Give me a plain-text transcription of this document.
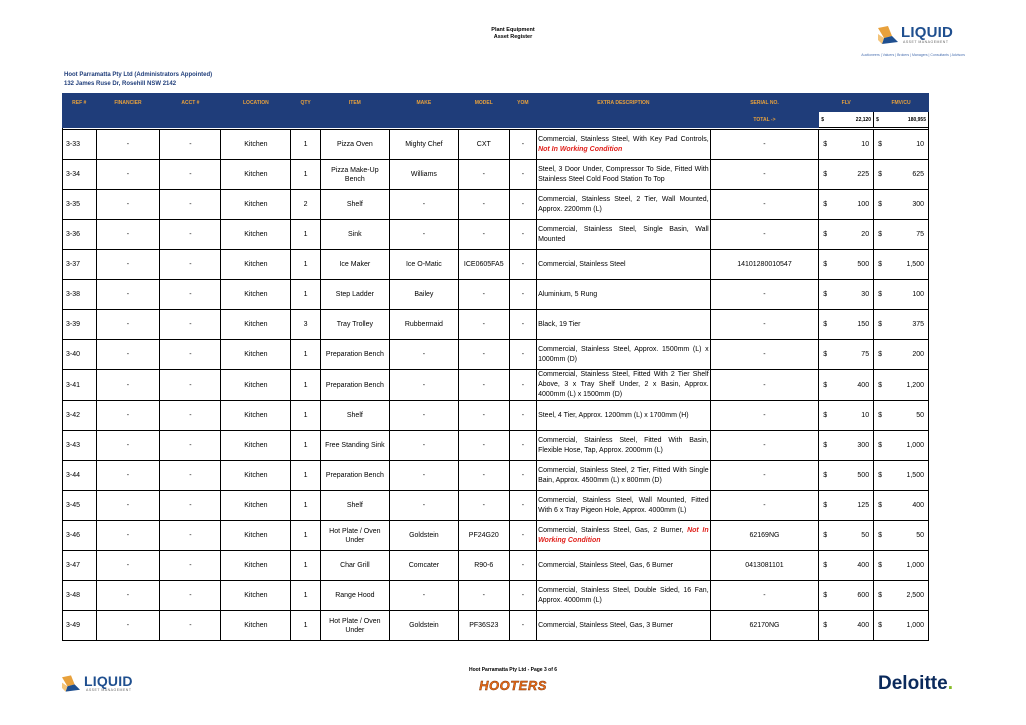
Plant Equipment
Asset Register	LIQUID
ASSET MANAGEMENT
Auctioneers | Valuers | Brokers | Managers | Consultants | Advisors
Hoot Parramatta Pty Ltd (Administrators Appointed)
132 James Ruse Dr, Rosehill NSW 2142
REF #	FINANCIER	ACCT #	LOCATION	QTY	ITEM	MAKE	MODEL	YOM	EXTRA DESCRIPTION	SERIAL NO.	FLV	FMV/CU
										TOTAL ->	$ 22,120	$ 180,955

3-33	-	-	Kitchen	1	Pizza Oven	Mighty Chef	CXT	-	Commercial, Stainless Steel, With Key Pad Controls, Not In Working Condition	-	$ 10	$ 10

3-34	-	-	Kitchen	1	Pizza Make-Up Bench	Williams	-	-	Steel, 3 Door Under, Compressor To Side, Fitted With Stainless Steel Cold Food Station To Top	-	$ 225	$ 625

3-35	-	-	Kitchen	2	Shelf	-	-	-	Commercial, Stainless Steel, 2 Tier, Wall Mounted, Approx. 2200mm (L)	-	$ 100	$ 300

3-36	-	-	Kitchen	1	Sink	-	-	-	Commercial, Stainless Steel, Single Basin, Wall Mounted	-	$ 20	$ 75

3-37	-	-	Kitchen	1	Ice Maker	Ice O-Matic	ICE0605FA5	-	Commercial, Stainless Steel	14101280010547	$ 500	$ 1,500

3-38	-	-	Kitchen	1	Step Ladder	Bailey	-	-	Aluminium, 5 Rung	-	$ 30	$ 100

3-39	-	-	Kitchen	3	Tray Trolley	Rubbermaid	-	-	Black, 19 Tier	-	$ 150	$ 375

3-40	-	-	Kitchen	1	Preparation Bench	-	-	-	Commercial, Stainless Steel, Approx. 1500mm (L) x 1000mm (D)	-	$ 75	$ 200

3-41	-	-	Kitchen	1	Preparation Bench	-	-	-	Commercial, Stainless Steel, Fitted With 2 Tier Shelf Above, 3 x Tray Shelf Under, 2 x Basin, Approx. 4000mm (L) x 1500mm (D)	-	$ 400	$ 1,200

3-42	-	-	Kitchen	1	Shelf	-	-	-	Steel, 4 Tier, Approx. 1200mm (L) x 1700mm (H)	-	$ 10	$ 50

3-43	-	-	Kitchen	1	Free Standing Sink	-	-	-	Commercial, Stainless Steel, Fitted With Basin, Flexible Hose, Tap, Approx. 2000mm (L)	-	$ 300	$ 1,000

3-44	-	-	Kitchen	1	Preparation Bench	-	-	-	Commercial, Stainless Steel, 2 Tier, Fitted With Single Bain, Approx. 4500mm (L) x 800mm (D)	-	$ 500	$ 1,500

3-45	-	-	Kitchen	1	Shelf	-	-	-	Commercial, Stainless Steel, Wall Mounted, Fitted With 6 x Tray Pigeon Hole, Approx. 4000mm (L)	-	$ 125	$ 400

3-46	-	-	Kitchen	1	Hot Plate / Oven Under	Goldstein	PF24G20	-	Commercial, Stainless Steel, Gas, 2 Burner, Not In Working Condition	62169NG	$ 50	$ 50

3-47	-	-	Kitchen	1	Char Grill	Comcater	R90-6	-	Commercial, Stainless Steel, Gas, 6 Burner	0413081101	$ 400	$ 1,000

3-48	-	-	Kitchen	1	Range Hood	-	-	-	Commercial, Stainless Steel, Double Sided, 16 Fan, Approx. 4000mm (L)	-	$ 600	$ 2,500

3-49	-	-	Kitchen	1	Hot Plate / Oven Under	Goldstein	PF36S23	-	Commercial, Stainless Steel, Gas, 3 Burner	62170NG	$ 400	$ 1,000
Hoot Parramatta Pty Ltd - Page 3 of 6
HOOTERS
LIQUID
ASSET MANAGEMENT	Deloitte.
